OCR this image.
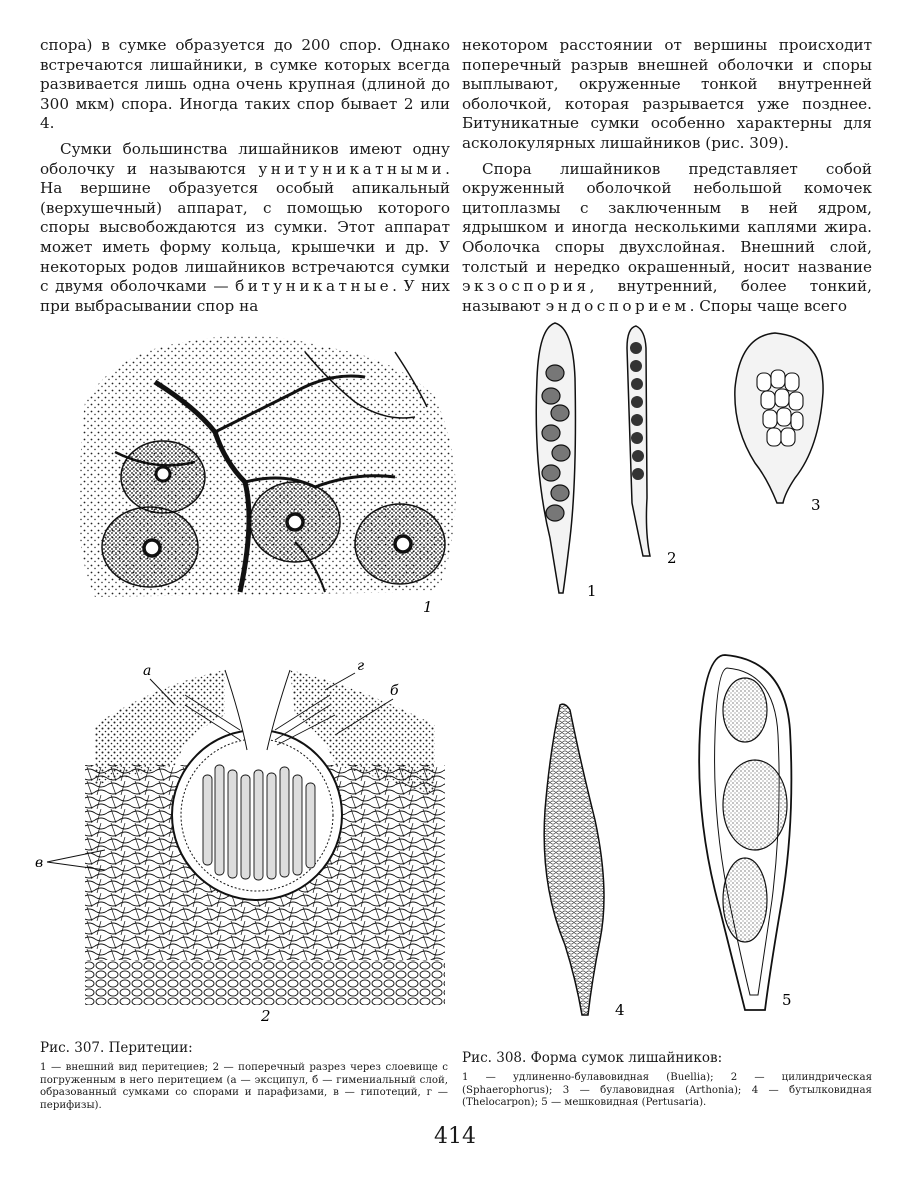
спора) в сумке образуется до 200 спор. Однако встречаются лишайники, в сумке которых всегда развивается лишь одна очень крупная (длиной до 300 мкм) спора. Иногда таких спор бывает 2 или 4.

Сумки большинства лишайников имеют одну оболочку и называются унитуникатными. На вершине образуется особый апикальный (верхушечный) аппарат, с помощью которого споры высвобождаются из сумки. Этот аппарат может иметь форму кольца, крышечки и др. У некоторых родов лишайников встречаются сумки с двумя оболочками — битуникатные. У них при выбрасывании спор на

некотором расстоянии от вершины происходит поперечный разрыв внешней оболочки и споры выплывают, окруженные тонкой внутренней оболочкой, которая разрывается уже позднее. Битуникатные сумки особенно характерны для асколокулярных лишайников (рис. 309).

Спора лишайников представляет собой окруженный оболочкой небольшой комочек цитоплазмы с заключенным в ней ядром, ядрышком и иногда несколькими каплями жира. Оболочка споры двухслойная. Внешний слой, толстый и нередко окрашенный, носит название экзоспория, внутренний, более тонкий, называют эндоспорием. Споры чаще всего

1
1
2
3
а	г
б
в
2	4
5
Рис. 307. Перитеции:
1 — внешний вид перитециев; 2 — поперечный разрез через слоевище с погруженным в него перитецием (а — эксципул, б — гимениальный слой, образованный сумками со спорами и парафизами, в — гипотеций, г — перифизы).
Рис. 308. Форма сумок лишайников:
1 — удлиненно-булавовидная (Buellia); 2 — цилиндрическая (Sphaerophorus); 3 — булавовидная (Arthonia); 4 — бутылковидная (Thelocarpon); 5 — мешковидная (Pertusaria).
414
